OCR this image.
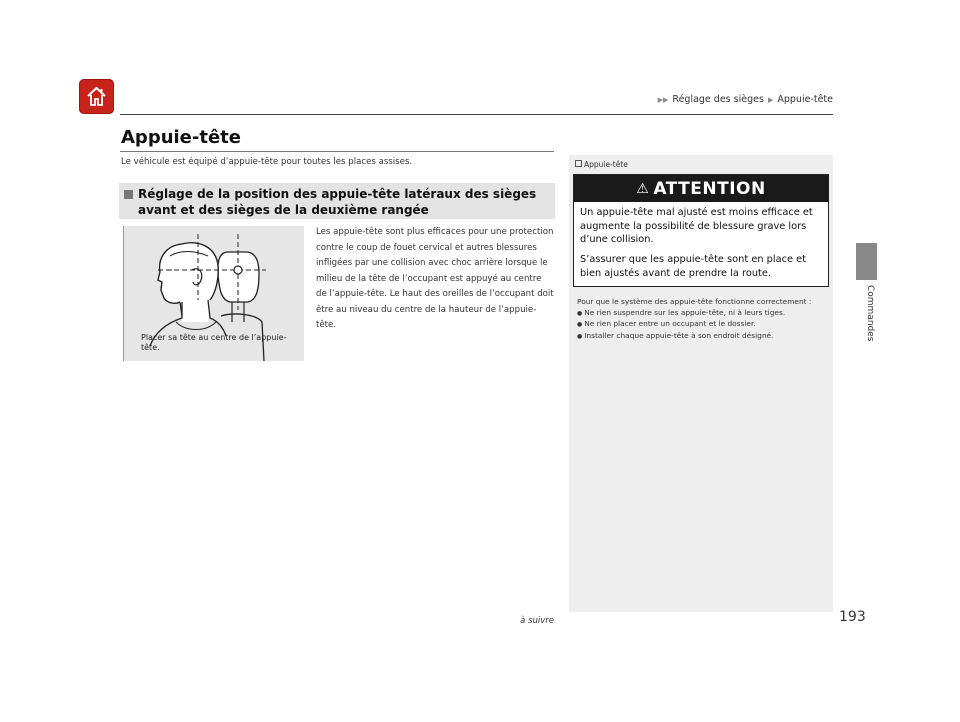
▶▶ Réglage des sièges ▶ Appuie-tête
Appuie-tête
Le véhicule est équipé d’appuie-tête pour toutes les places assises.
Réglage de la position des appuie-tête latéraux des sièges avant et des sièges de la deuxième rangée
Placer sa tête au centre de l’appuie-tête.
Les appuie-tête sont plus efficaces pour une protection contre le coup de fouet cervical et autres blessures infligées par une collision avec choc arrière lorsque le milieu de la tête de l’occupant est appuyé au centre de l’appuie-tête. Le haut des oreilles de l’occupant doit être au niveau du centre de la hauteur de l’appuie-tête.
Appuie-tête
⚠ ATTENTION
Un appuie-tête mal ajusté est moins efficace et augmente la possibilité de blessure grave lors d’une collision.
S’assurer que les appuie-tête sont en place et bien ajustés avant de prendre la route.
Pour que le système des appuie-tête fonctionne correctement :
● Ne rien suspendre sur les appuie-tête, ni à leurs tiges.
● Ne rien placer entre un occupant et le dossier.
● Installer chaque appuie-tête à son endroit désigné.	Commandes
à suivre	193
